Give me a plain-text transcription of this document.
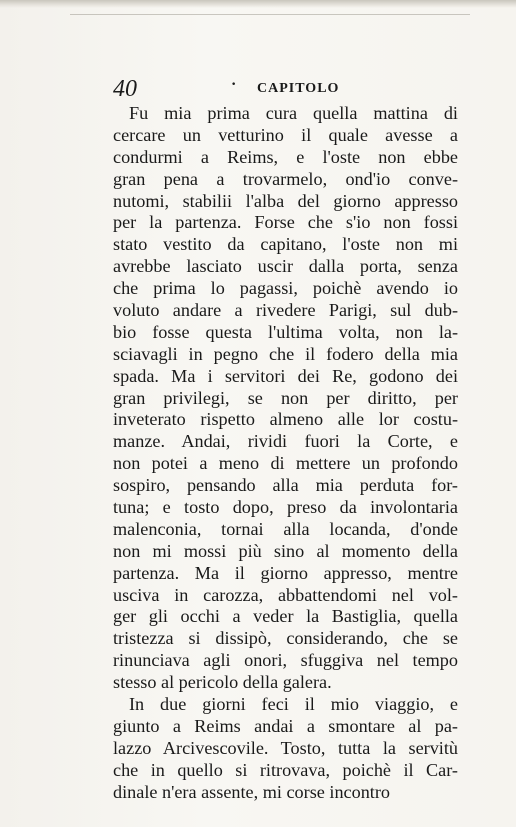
40	· CAPITOLO
Fu mia prima cura quella mattina di
cercare un vetturino il quale avesse a
condurmi a Reims, e l'oste non ebbe
gran pena a trovarmelo, ond'io conve-
nutomi, stabilii l'alba del giorno appresso
per la partenza. Forse che s'io non fossi
stato vestito da capitano, l'oste non mi
avrebbe lasciato uscir dalla porta, senza
che prima lo pagassi, poichè avendo io
voluto andare a rivedere Parigi, sul dub-
bio fosse questa l'ultima volta, non la-
sciavagli in pegno che il fodero della mia
spada. Ma i servitori dei Re, godono dei
gran privilegi, se non per diritto, per
inveterato rispetto almeno alle lor costu-
manze. Andai, rividi fuori la Corte, e
non potei a meno di mettere un profondo
sospiro, pensando alla mia perduta for-
tuna; e tosto dopo, preso da involontaria
malenconia, tornai alla locanda, d'onde
non mi mossi più sino al momento della
partenza. Ma il giorno appresso, mentre
usciva in carozza, abbattendomi nel vol-
ger gli occhi a veder la Bastiglia, quella
tristezza si dissipò, considerando, che se
rinunciava agli onori, sfuggiva nel tempo
stesso al pericolo della galera.
In due giorni feci il mio viaggio, e
giunto a Reims andai a smontare al pa-
lazzo Arcivescovile. Tosto, tutta la servitù
che in quello si ritrovava, poichè il Car-
dinale n'era assente, mi corse incontro
